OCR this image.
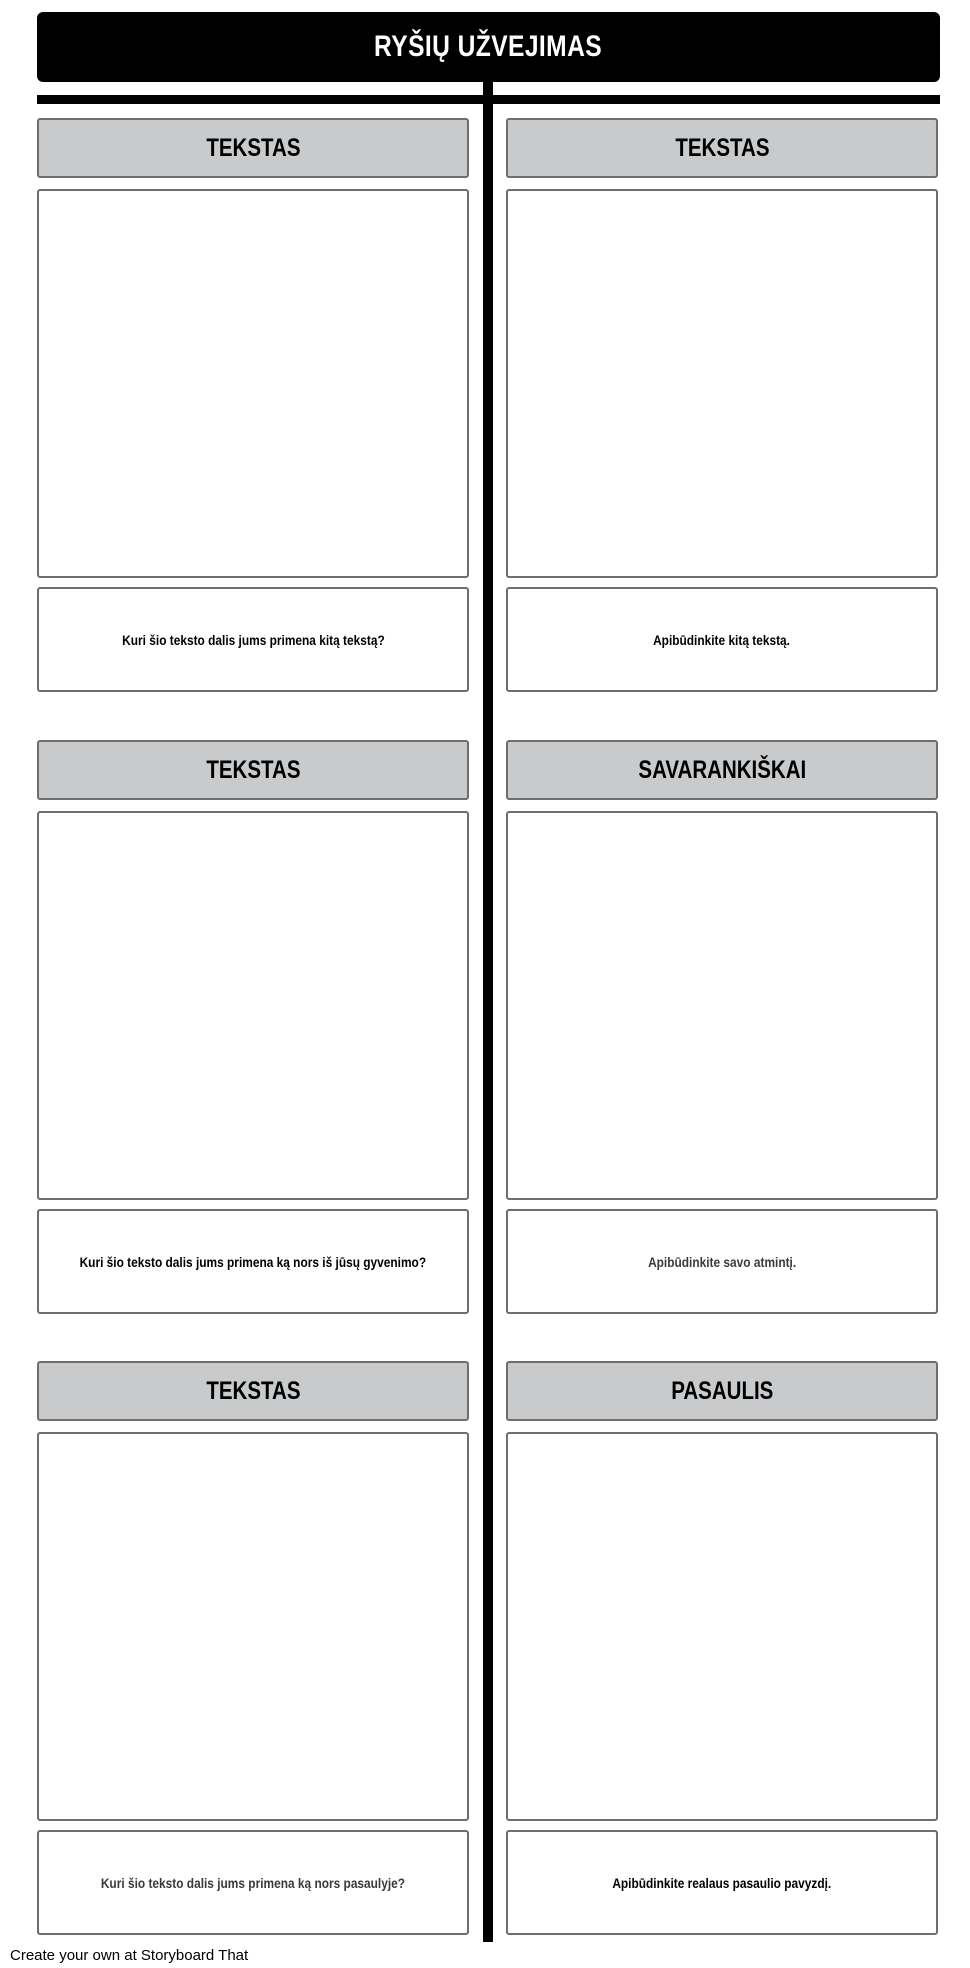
RYŠIŲ UŽVEJIMAS
TEKSTAS
Kuri šio teksto dalis jums primena kitą tekstą?
TEKSTAS
Apibūdinkite kitą tekstą.
TEKSTAS
Kuri šio teksto dalis jums primena ką nors iš jūsų gyvenimo?
SAVARANKIŠKAI
Apibūdinkite savo atmintį.
TEKSTAS
Kuri šio teksto dalis jums primena ką nors pasaulyje?
PASAULIS
Apibūdinkite realaus pasaulio pavyzdį.
Create your own at Storyboard That
